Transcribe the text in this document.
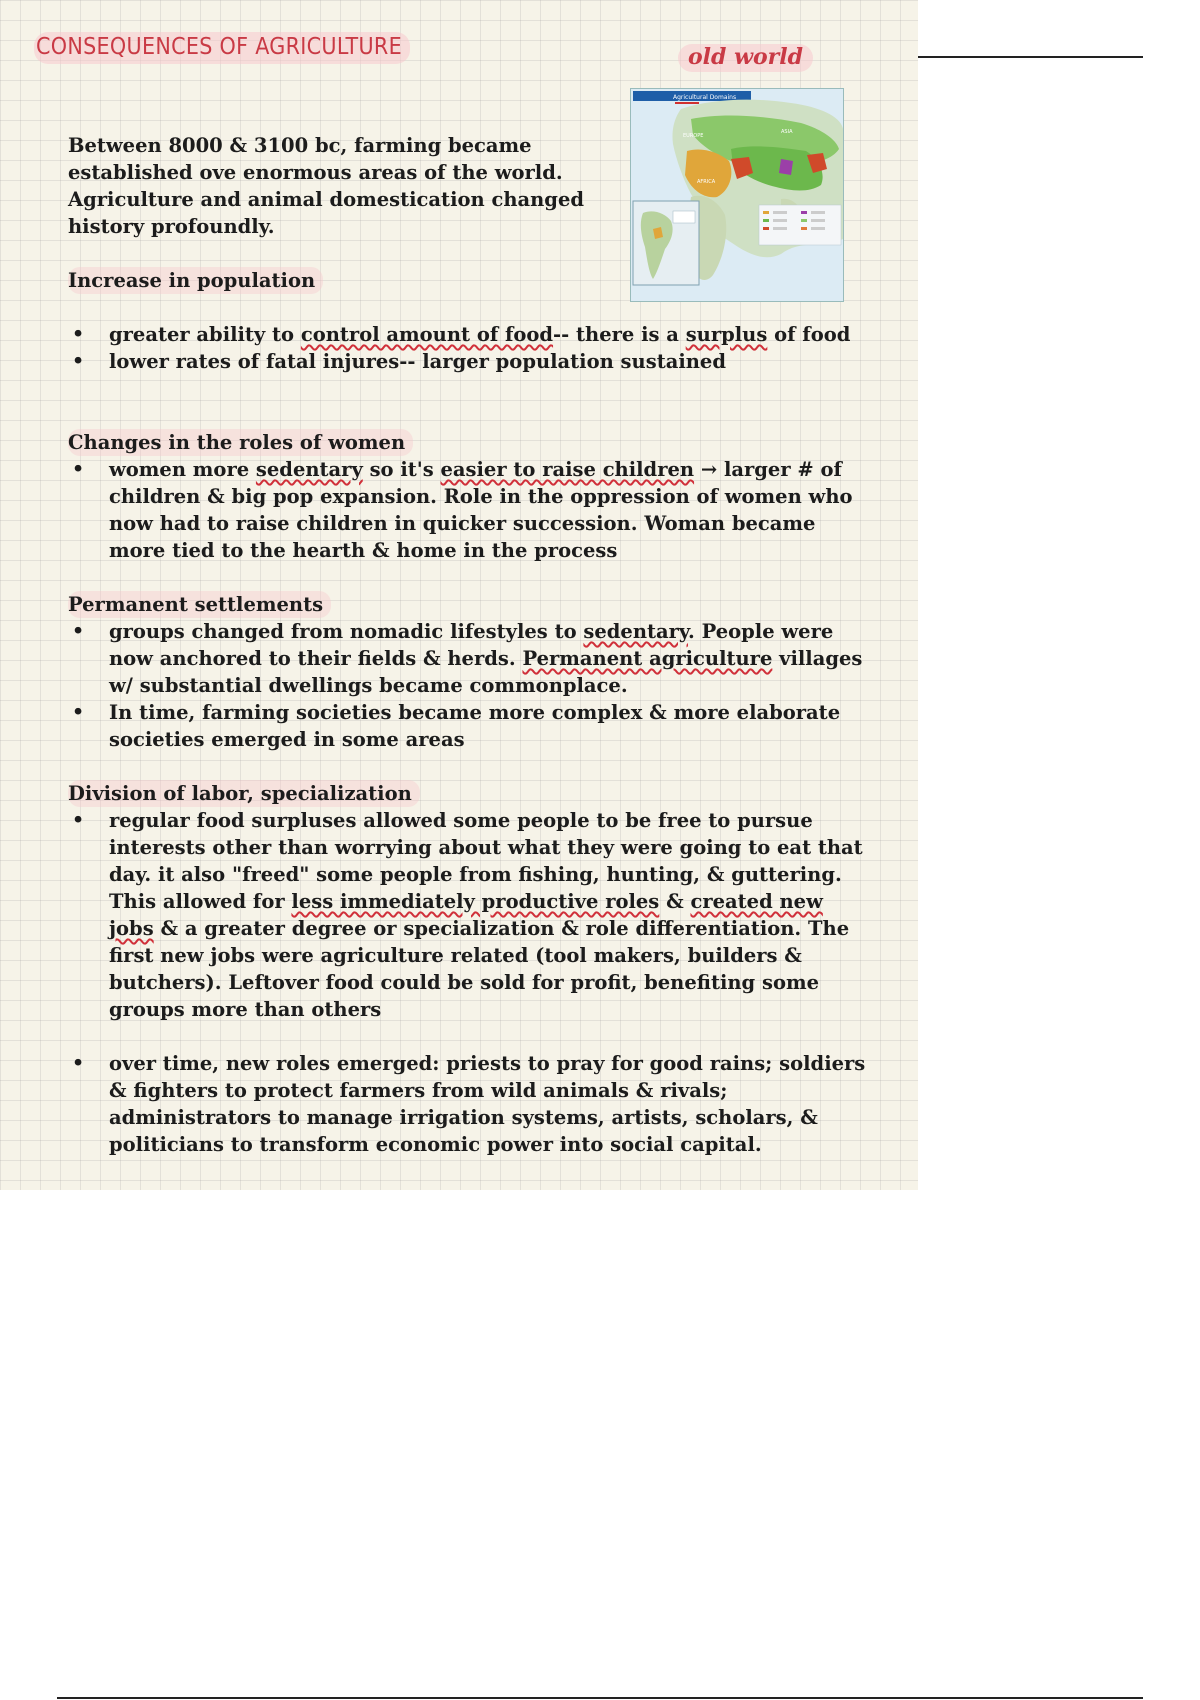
CONSEQUENCES OF AGRICULTURE	old world
Agricultural Domains
EUROPE
ASIA
AFRICA

Between 8000 & 3100 bc, farming became established ove enormous areas of the world. Agriculture and animal domestication changed history profoundly.

Increase in population

• greater ability to control amount of food-- there is a surplus of food
• lower rates of fatal injures-- larger population sustained

Changes in the roles of women

• women more sedentary so it's easier to raise children → larger # of children & big pop expansion. Role in the oppression of women who now had to raise children in quicker succession. Woman became more tied to the hearth & home in the process

Permanent settlements

• groups changed from nomadic lifestyles to sedentary. People were now anchored to their fields & herds. Permanent agriculture villages w/ substantial dwellings became commonplace.
• In time, farming societies became more complex & more elaborate societies emerged in some areas

Division of labor, specialization

• regular food surpluses allowed some people to be free to pursue interests other than worrying about what they were going to eat that day. it also "freed" some people from fishing, hunting, & guttering. This allowed for less immediately productive roles & created new jobs & a greater degree or specialization & role differentiation. The first new jobs were agriculture related (tool makers, builders & butchers). Leftover food could be sold for profit, benefiting some groups more than others
• over time, new roles emerged: priests to pray for good rains; soldiers & fighters to protect farmers from wild animals & rivals; administrators to manage irrigation systems, artists, scholars, & politicians to transform economic power into social capital.
